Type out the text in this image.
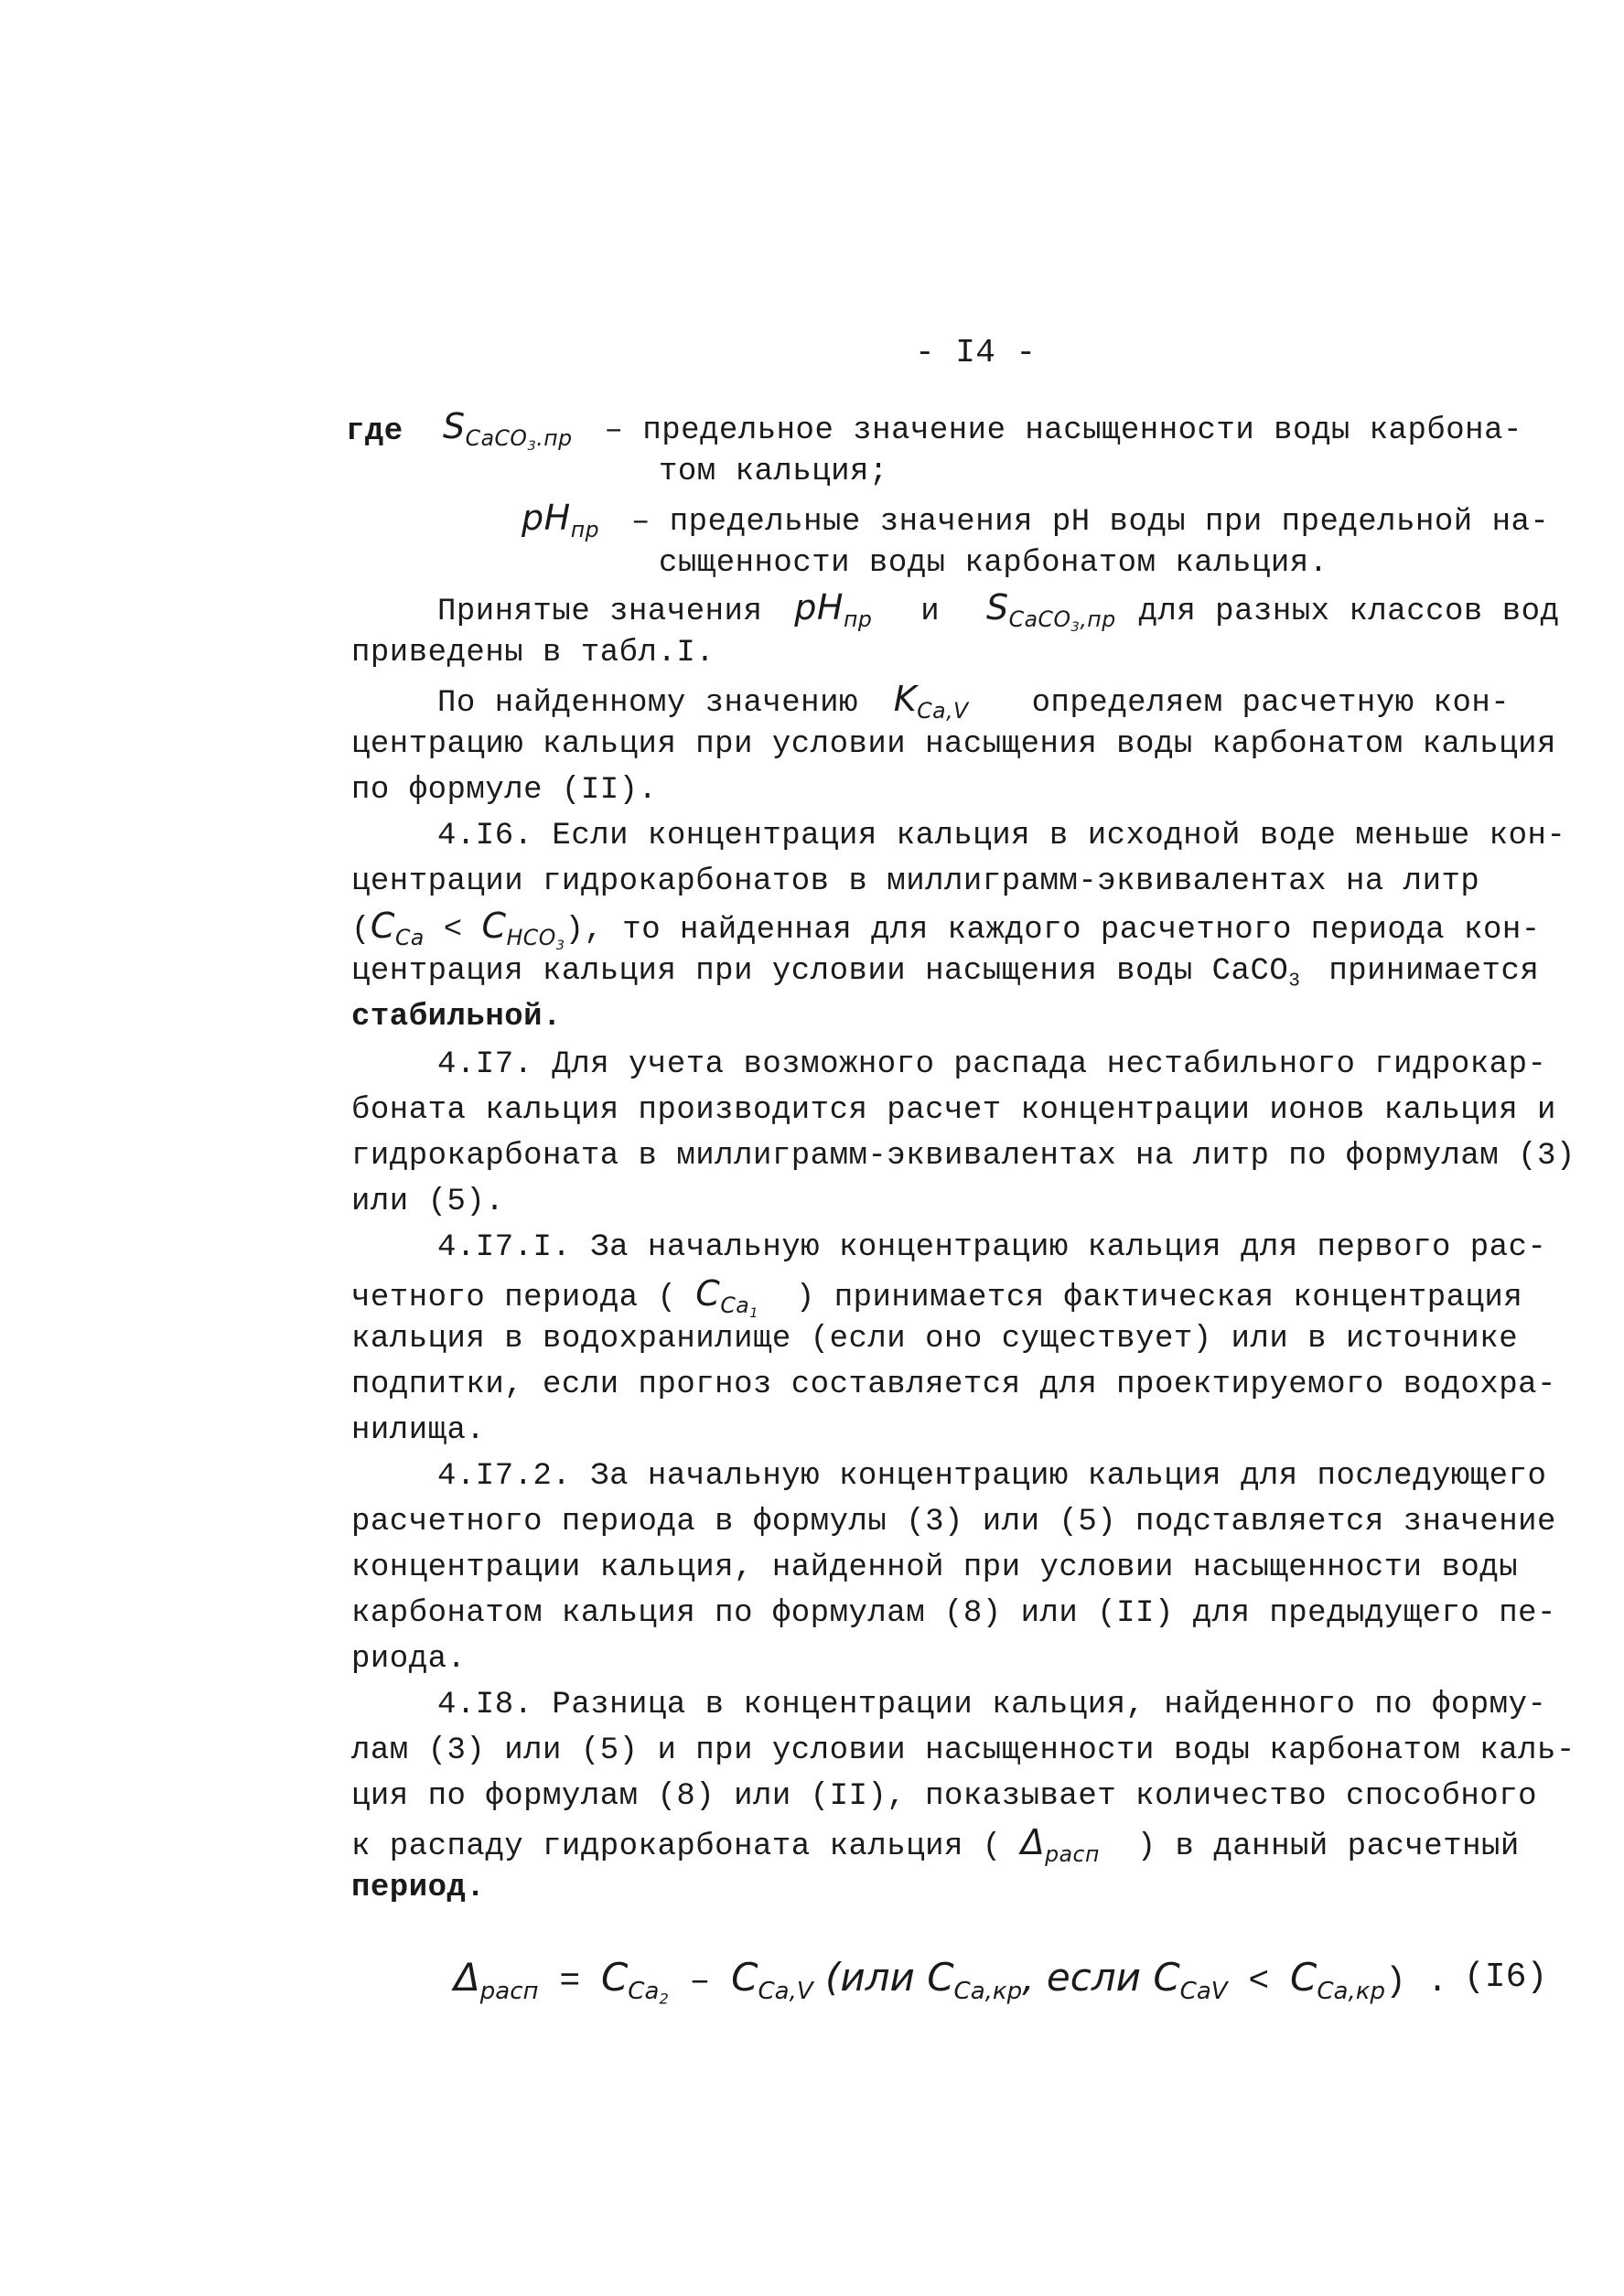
- I4 -
где $S_{CaCO_3.пр}$ – предельное значение насыщенности воды карбона-
том кальция;
$pH_{пр}$ – предельные значения рН воды при предельной на-
сыщенности воды карбонатом кальция.
Принятые значения $pH_{пр}$ и $S_{CaCO_3,пр}$ для разных классов вод
приведены в табл.I.
По найденному значению $K_{Ca,V}$ определяем расчетную кон-
центрацию кальция при условии насыщения воды карбонатом кальция
по формуле (II).
4.I6. Если концентрация кальция в исходной воде меньше кон-
центрации гидрокарбонатов в миллиграмм-эквивалентах на литр
$(C_{Ca} < C_{HCO_3})$, то найденная для каждого расчетного периода кон-
центрация кальция при условии насыщения воды CaCO$_3$ принимается
стабильной.
4.I7. Для учета возможного распада нестабильного гидрокар-
боната кальция производится расчет концентрации ионов кальция и
гидрокарбоната в миллиграмм-эквивалентах на литр по формулам (3)
или (5).
4.I7.I. За начальную концентрацию кальция для первого рас-
четного периода ( $C_{Ca_1}$ ) принимается фактическая концентрация
кальция в водохранилище (если оно существует) или в источнике
подпитки, если прогноз составляется для проектируемого водохра-
нилища.
4.I7.2. За начальную концентрацию кальция для последующего
расчетного периода в формулы (3) или (5) подставляется значение
концентрации кальция, найденной при условии насыщенности воды
карбонатом кальция по формулам (8) или (II) для предыдущего пе-
риода.
4.I8. Разница в концентрации кальция, найденного по форму-
лам (3) или (5) и при условии насыщенности воды карбонатом каль-
ция по формулам (8) или (II), показывает количество способного
к распаду гидрокарбоната кальция ( $\Delta_{расп}$ ) в данный расчетный
период.
$\Delta_{расп} = C_{Ca_2} - C_{Ca,V}$ (или $C_{Ca,кр}$, если $C_{CaV} < C_{Ca,кр}$) . (I6)
